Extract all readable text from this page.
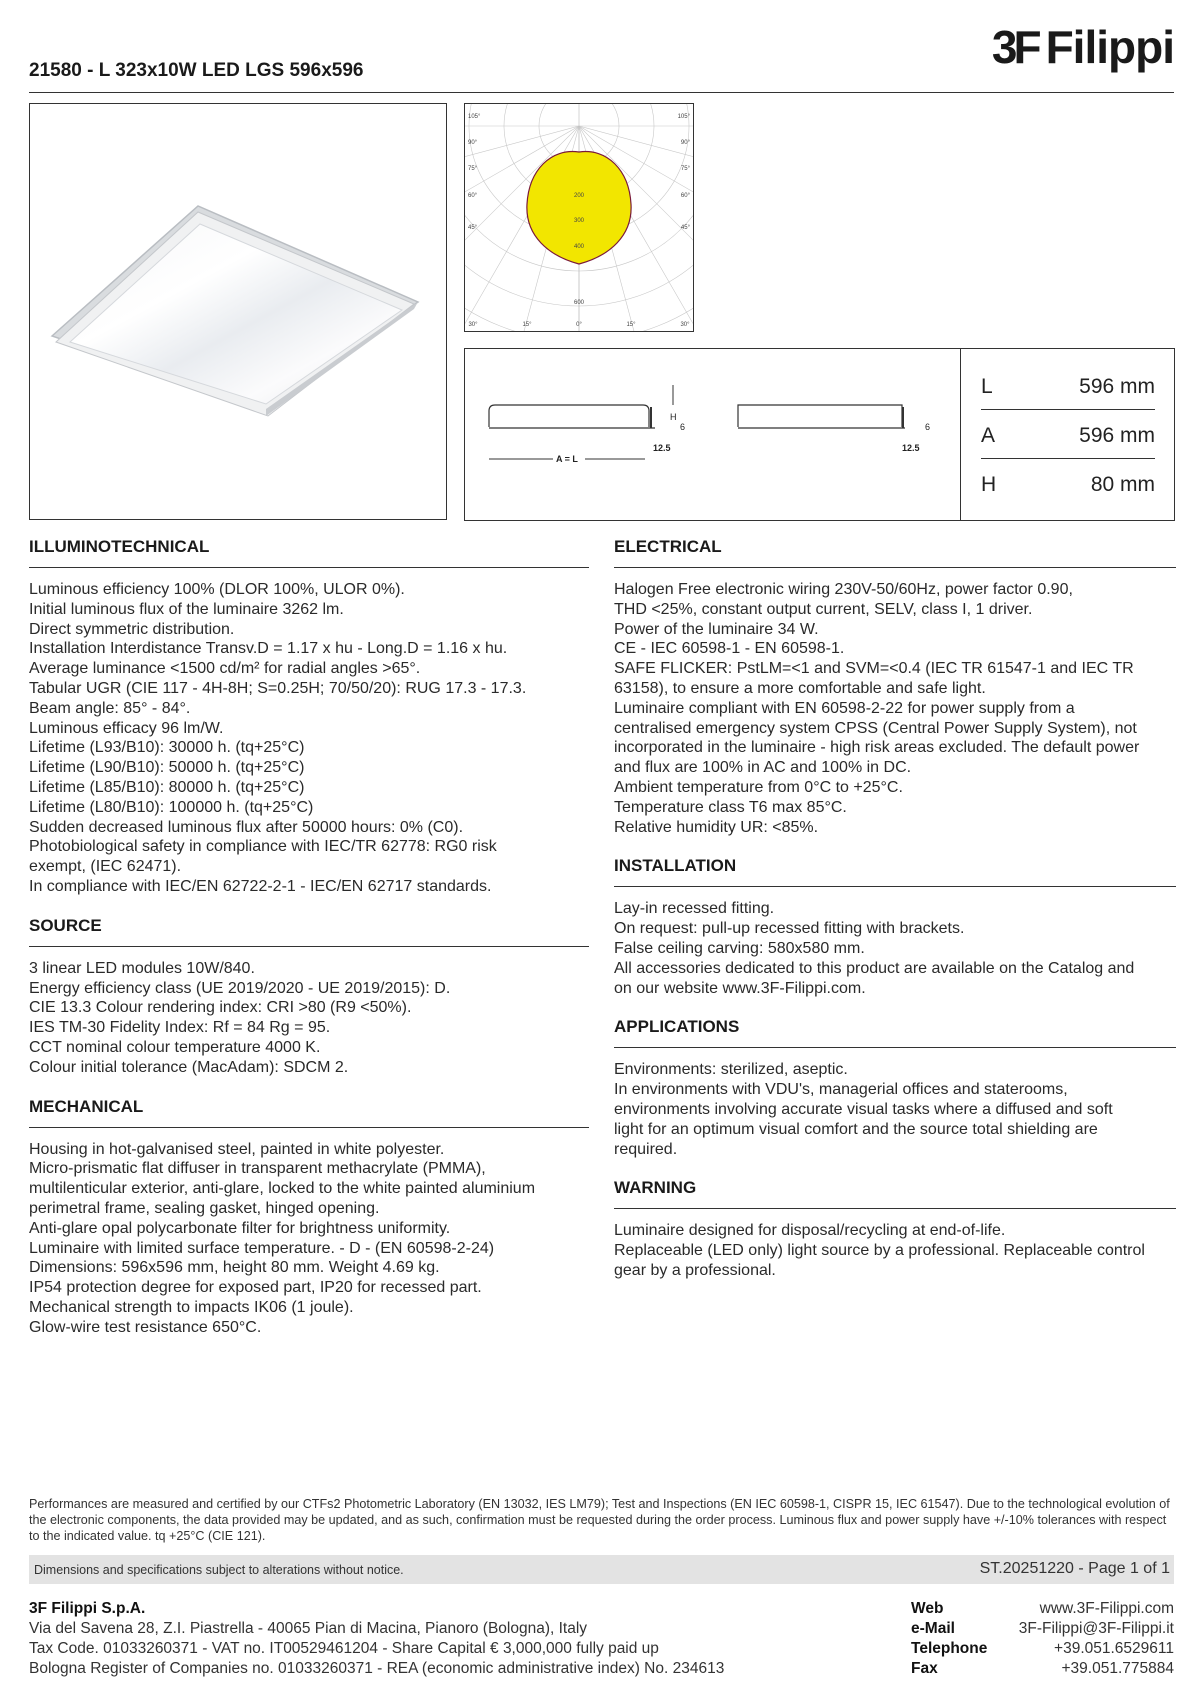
21580 - L 323x10W LED LGS 596x596	3F Filippi
105°
90°
75°
60°
45°
105°
90°
75°
60°
45°
30°	15°	0°	15°	30°
200
300
400
600
H
6
12.5
A = L
6
12.5
L	596 mm
A	596 mm
H	80 mm
ILLUMINOTECHNICAL
Luminous efficiency 100% (DLOR 100%, ULOR 0%).
Initial luminous flux of the luminaire 3262 lm.
Direct symmetric distribution.
Installation Interdistance Transv.D = 1.17 x hu - Long.D = 1.16 x hu.
Average luminance <1500 cd/m² for radial angles >65°.
Tabular UGR (CIE 117 - 4H-8H; S=0.25H; 70/50/20): RUG 17.3 - 17.3.
Beam angle: 85° - 84°.
Luminous efficacy 96 lm/W.
Lifetime (L93/B10): 30000 h. (tq+25°C)
Lifetime (L90/B10): 50000 h. (tq+25°C)
Lifetime (L85/B10): 80000 h. (tq+25°C)
Lifetime (L80/B10): 100000 h. (tq+25°C)
Sudden decreased luminous flux after 50000 hours: 0% (C0).
Photobiological safety in compliance with IEC/TR 62778: RG0 risk
exempt, (IEC 62471).
In compliance with IEC/EN 62722-2-1 - IEC/EN 62717 standards.
SOURCE
3 linear LED modules 10W/840.
Energy efficiency class (UE 2019/2020 - UE 2019/2015): D.
CIE 13.3 Colour rendering index: CRI >80 (R9 <50%).
IES TM-30 Fidelity Index: Rf = 84 Rg = 95.
CCT nominal colour temperature 4000 K.
Colour initial tolerance (MacAdam): SDCM 2.
MECHANICAL
Housing in hot-galvanised steel, painted in white polyester.
Micro-prismatic flat diffuser in transparent methacrylate (PMMA),
multilenticular exterior, anti-glare, locked to the white painted aluminium
perimetral frame, sealing gasket, hinged opening.
Anti-glare opal polycarbonate filter for brightness uniformity.
Luminaire with limited surface temperature. - D - (EN 60598-2-24)
Dimensions: 596x596 mm, height 80 mm. Weight 4.69 kg.
IP54 protection degree for exposed part, IP20 for recessed part.
Mechanical strength to impacts IK06 (1 joule).
Glow-wire test resistance 650°C.
ELECTRICAL
Halogen Free electronic wiring 230V-50/60Hz, power factor 0.90,
THD <25%, constant output current, SELV, class I, 1 driver.
Power of the luminaire 34 W.
CE - IEC 60598-1 - EN 60598-1.
SAFE FLICKER: PstLM=<1 and SVM=<0.4 (IEC TR 61547-1 and IEC TR
63158), to ensure a more comfortable and safe light.
Luminaire compliant with EN 60598-2-22 for power supply from a
centralised emergency system CPSS (Central Power Supply System), not
incorporated in the luminaire - high risk areas excluded. The default power
and flux are 100% in AC and 100% in DC.
Ambient temperature from 0°C to +25°C.
Temperature class T6 max 85°C.
Relative humidity UR: <85%.
INSTALLATION
Lay-in recessed fitting.
On request: pull-up recessed fitting with brackets.
False ceiling carving: 580x580 mm.
All accessories dedicated to this product are available on the Catalog and
on our website www.3F-Filippi.com.
APPLICATIONS
Environments: sterilized, aseptic.
In environments with VDU's, managerial offices and staterooms,
environments involving accurate visual tasks where a diffused and soft
light for an optimum visual comfort and the source total shielding are
required.
WARNING
Luminaire designed for disposal/recycling at end-of-life.
Replaceable (LED only) light source by a professional. Replaceable control
gear by a professional.
Performances are measured and certified by our CTFs2 Photometric Laboratory (EN 13032, IES LM79); Test and Inspections (EN IEC 60598-1, CISPR 15, IEC 61547). Due to the technological evolution of the electronic components, the data provided may be updated, and as such, confirmation must be requested during the order process. Luminous flux and power supply have +/-10% tolerances with respect to the indicated value. tq +25°C (CIE 121).
Dimensions and specifications subject to alterations without notice.	ST.20251220 - Page 1 of 1
3F Filippi S.p.A.
Via del Savena 28, Z.I. Piastrella - 40065 Pian di Macina, Pianoro (Bologna), Italy
Tax Code. 01033260371 - VAT no. IT00529461204 - Share Capital € 3,000,000 fully paid up
Bologna Register of Companies no. 01033260371 - REA (economic administrative index) No. 234613
Web	www.3F-Filippi.com
e-Mail	3F-Filippi@3F-Filippi.it
Telephone	+39.051.6529611
Fax	+39.051.775884
